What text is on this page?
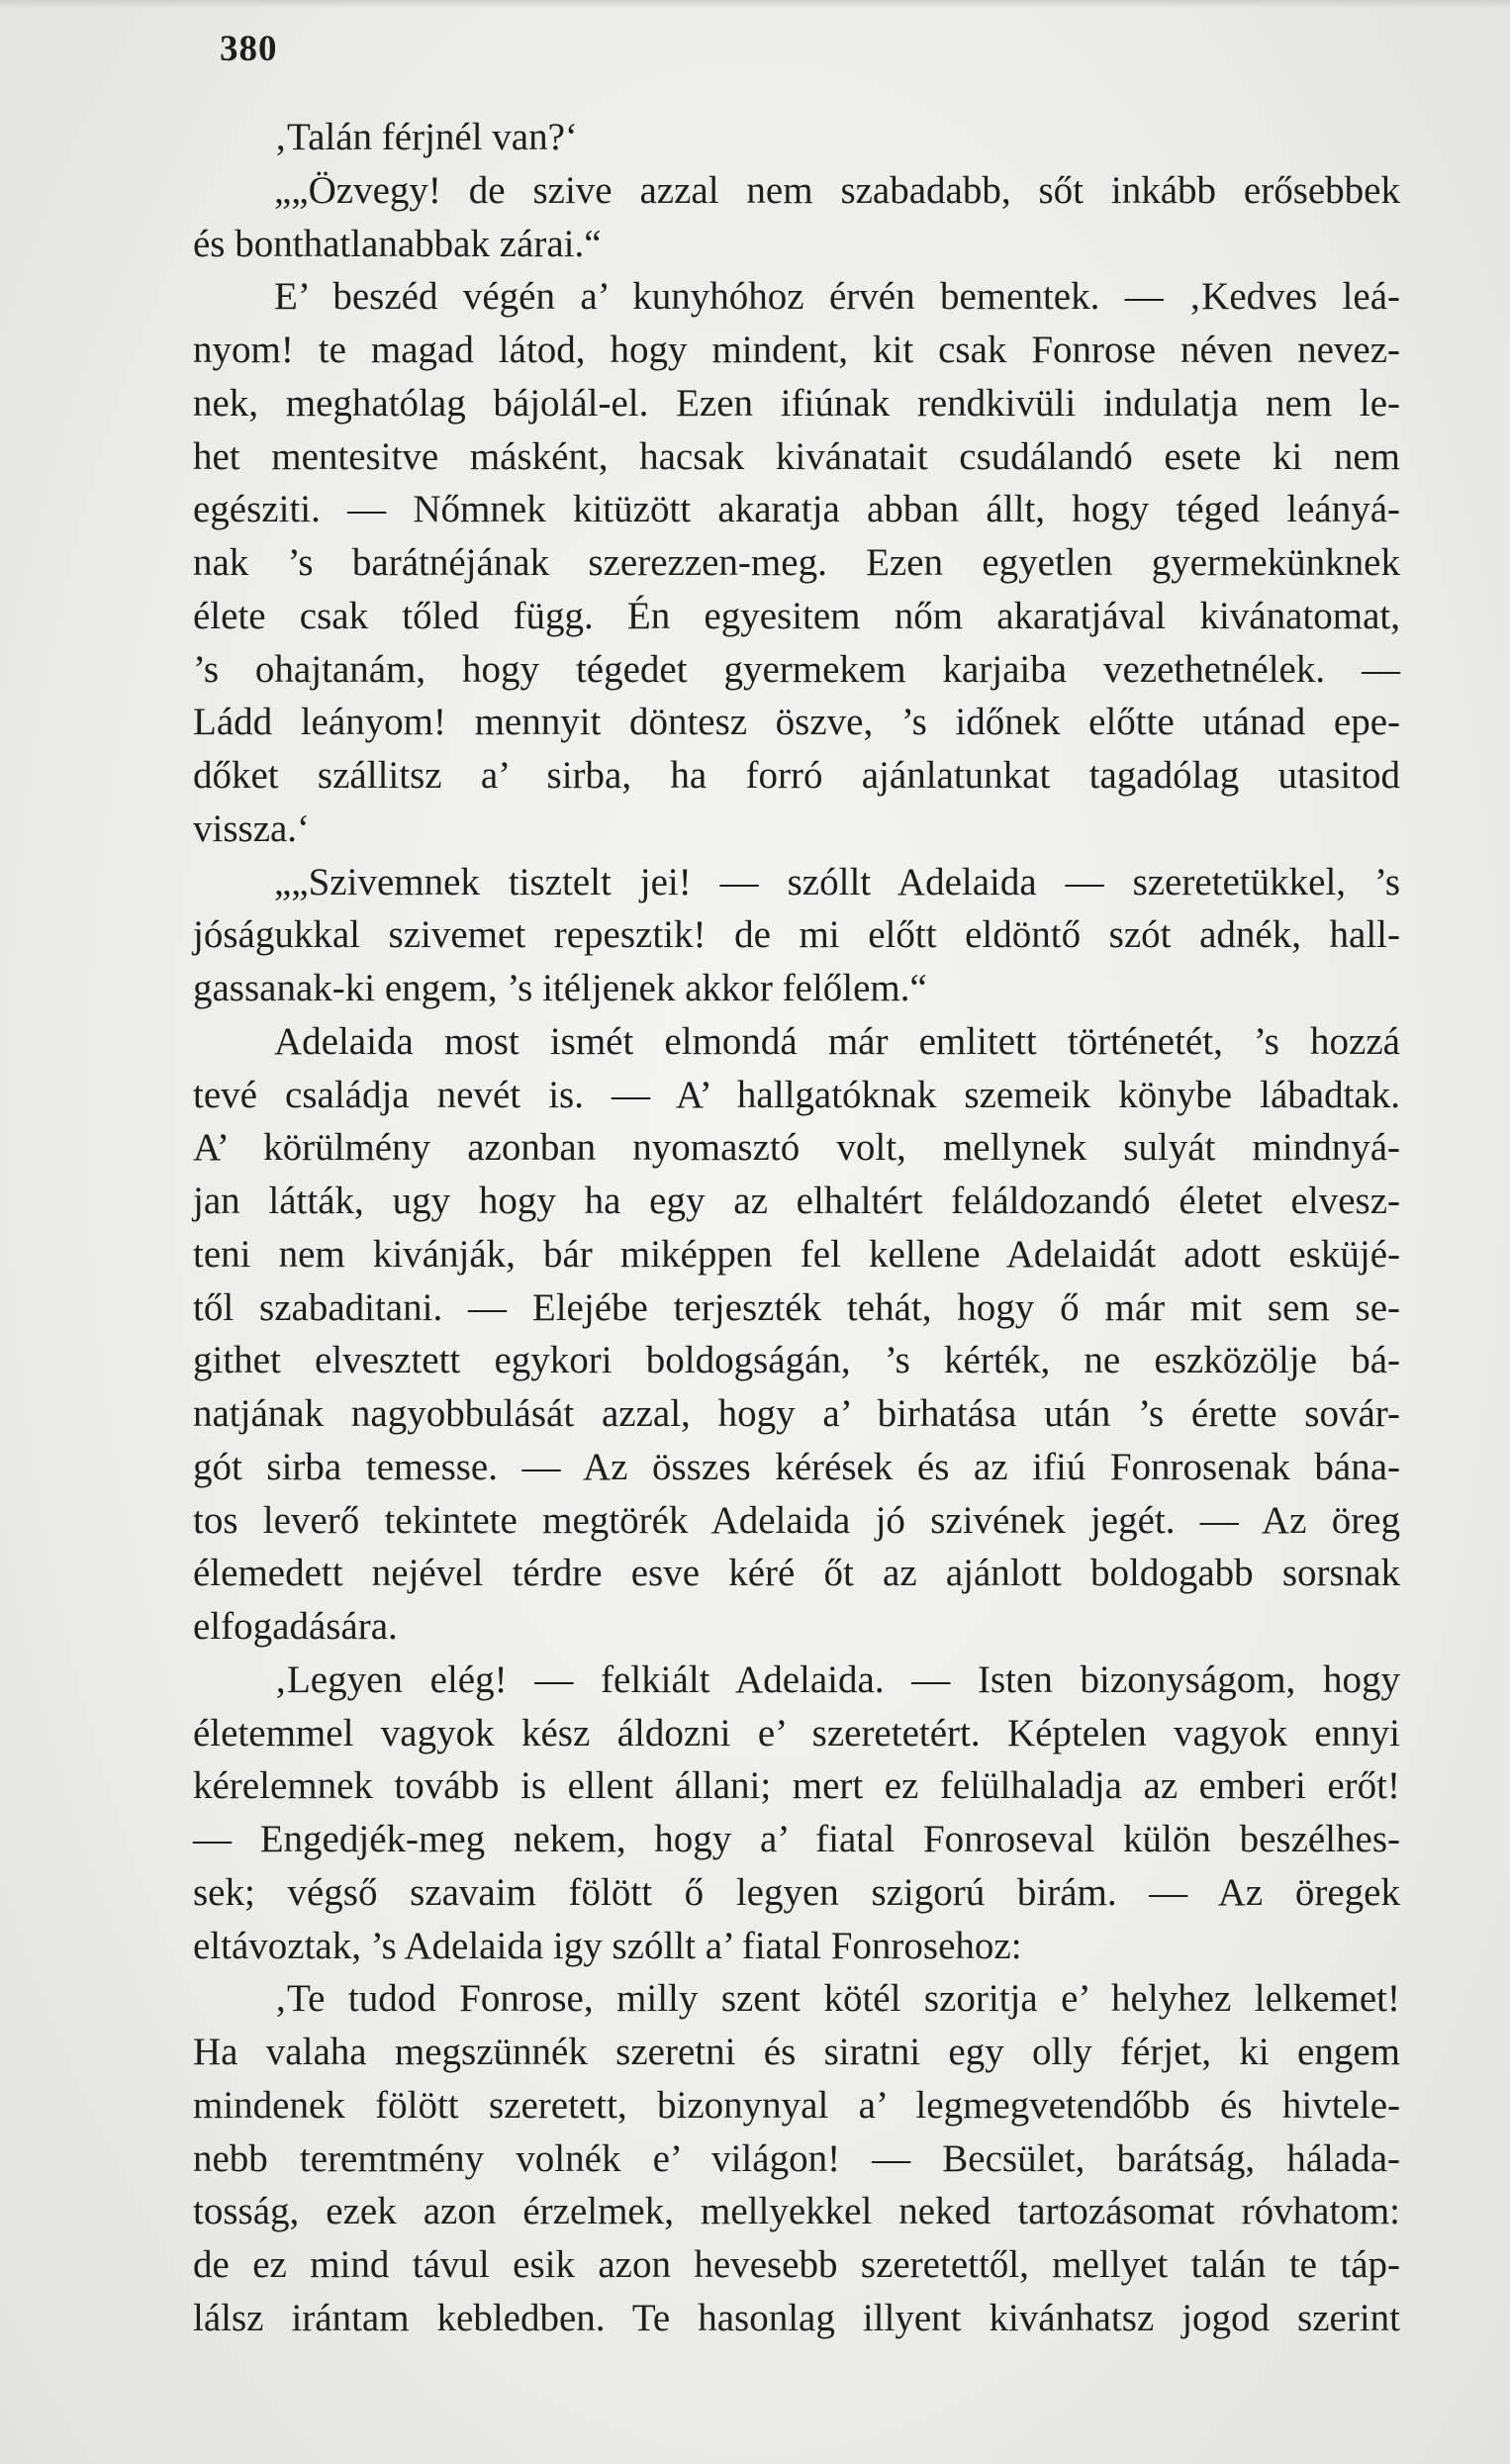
380
‚Talán férjnél van?‘
„„Özvegy! de szive azzal nem szabadabb, sőt inkább erősebbek
és bonthatlanabbak zárai.“
E’ beszéd végén a’ kunyhóhoz érvén bementek. — ‚Kedves leá-
nyom! te magad látod, hogy mindent, kit csak Fonrose néven nevez-
nek, meghatólag bájolál-el. Ezen ifiúnak rendkivüli indulatja nem le-
het mentesitve másként, hacsak kivánatait csudálandó esete ki nem
egésziti. — Nőmnek kitüzött akaratja abban állt, hogy téged leányá-
nak ’s barátnéjának szerezzen-meg. Ezen egyetlen gyermekünknek
élete csak tőled függ. Én egyesitem nőm akaratjával kivánatomat,
’s ohajtanám, hogy tégedet gyermekem karjaiba vezethetnélek. —
Ládd leányom! mennyit döntesz öszve, ’s időnek előtte utánad epe-
dőket szállitsz a’ sirba, ha forró ajánlatunkat tagadólag utasitod
vissza.‘
„„Szivemnek tisztelt jei! — szóllt Adelaida — szeretetükkel, ’s
jóságukkal szivemet repesztik! de mi előtt eldöntő szót adnék, hall-
gassanak-ki engem, ’s itéljenek akkor felőlem.“
Adelaida most ismét elmondá már emlitett történetét, ’s hozzá
tevé családja nevét is. — A’ hallgatóknak szemeik könybe lábadtak.
A’ körülmény azonban nyomasztó volt, mellynek sulyát mindnyá-
jan látták, ugy hogy ha egy az elhaltért feláldozandó életet elvesz-
teni nem kivánják, bár miképpen fel kellene Adelaidát adott esküjé-
től szabaditani. — Elejébe terjeszték tehát, hogy ő már mit sem se-
githet elvesztett egykori boldogságán, ’s kérték, ne eszközölje bá-
natjának nagyobbulását azzal, hogy a’ birhatása után ’s érette sovár-
gót sirba temesse. — Az összes kérések és az ifiú Fonrosenak bána-
tos leverő tekintete megtörék Adelaida jó szivének jegét. — Az öreg
élemedett nejével térdre esve kéré őt az ajánlott boldogabb sorsnak
elfogadására.
‚Legyen elég! — felkiált Adelaida. — Isten bizonyságom, hogy
életemmel vagyok kész áldozni e’ szeretetért. Képtelen vagyok ennyi
kérelemnek tovább is ellent állani; mert ez felülhaladja az emberi erőt!
— Engedjék-meg nekem, hogy a’ fiatal Fonroseval külön beszélhes-
sek; végső szavaim fölött ő legyen szigorú birám. — Az öregek
eltávoztak, ’s Adelaida igy szóllt a’ fiatal Fonrosehoz:
‚Te tudod Fonrose, milly szent kötél szoritja e’ helyhez lelkemet!
Ha valaha megszünnék szeretni és siratni egy olly férjet, ki engem
mindenek fölött szeretett, bizonynyal a’ legmegvetendőbb és hivtele-
nebb teremtmény volnék e’ világon! — Becsület, barátság, hálada-
tosság, ezek azon érzelmek, mellyekkel neked tartozásomat róvhatom:
de ez mind távul esik azon hevesebb szeretettől, mellyet talán te táp-
lálsz irántam kebledben. Te hasonlag illyent kivánhatsz jogod szerint
